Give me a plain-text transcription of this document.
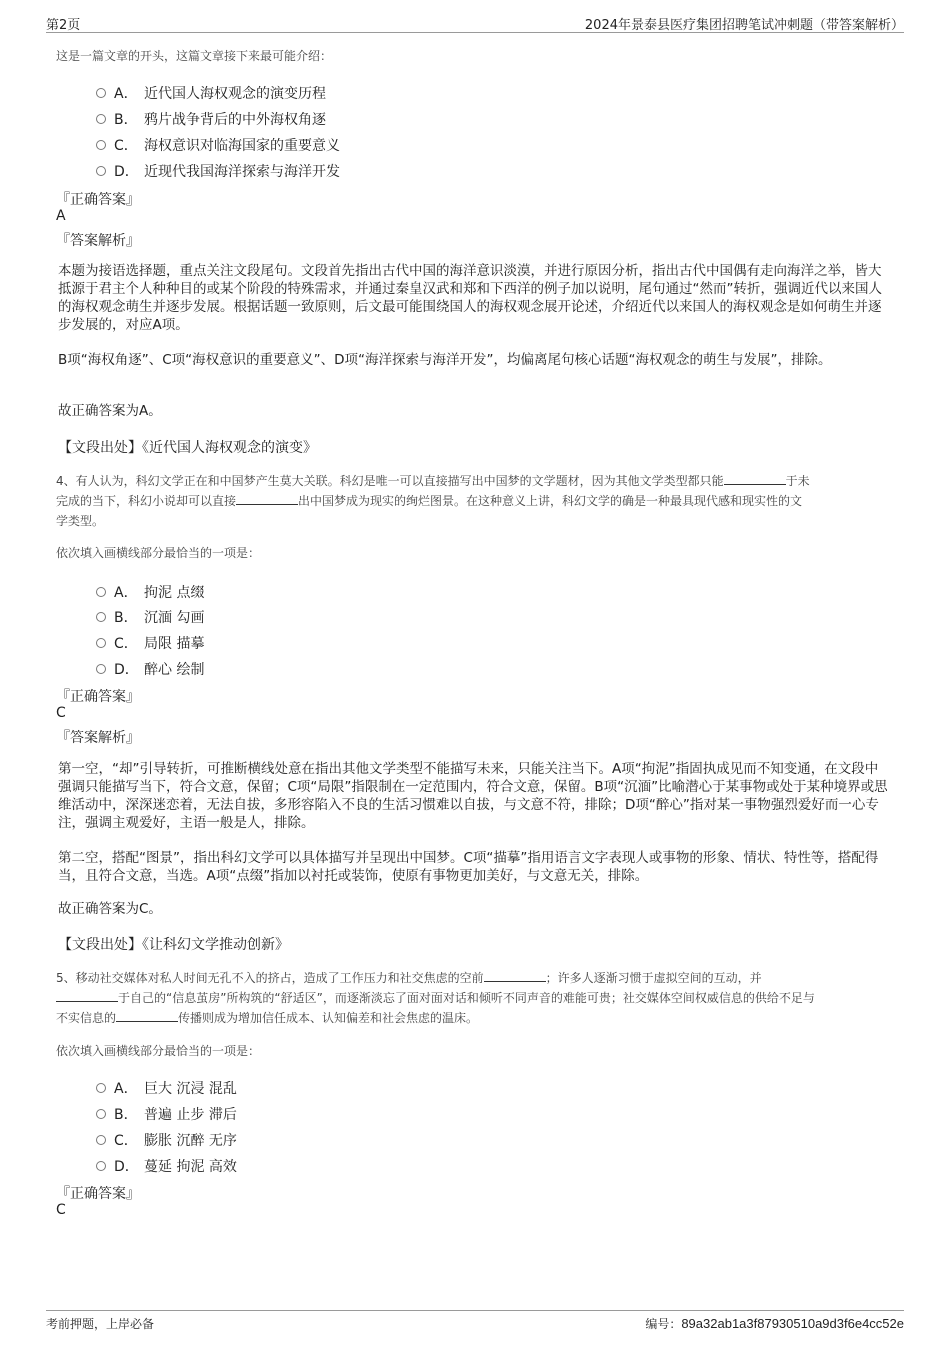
第2页	2024年景泰县医疗集团招聘笔试冲刺题（带答案解析）
这是一篇文章的开头，这篇文章接下来最可能介绍：
A． 近代国人海权观念的演变历程
B． 鸦片战争背后的中外海权角逐
C． 海权意识对临海国家的重要意义
D． 近现代我国海洋探索与海洋开发
『正确答案』
A
『答案解析』
本题为接语选择题，重点关注文段尾句。文段首先指出古代中国的海洋意识淡漠，并进行原因分析，指出古代中国偶有走向海洋之举，皆大抵源于君主个人种种目的或某个阶段的特殊需求，并通过秦皇汉武和郑和下西洋的例子加以说明，尾句通过“然而”转折，强调近代以来国人的海权观念萌生并逐步发展。根据话题一致原则，后文最可能围绕国人的海权观念展开论述，介绍近代以来国人的海权观念是如何萌生并逐步发展的，对应A项。
B项“海权角逐”、C项“海权意识的重要意义”、D项“海洋探索与海洋开发”，均偏离尾句核心话题“海权观念的萌生与发展”，排除。
故正确答案为A。
【文段出处】《近代国人海权观念的演变》
4、有人认为，科幻文学正在和中国梦产生莫大关联。科幻是唯一可以直接描写出中国梦的文学题材，因为其他文学类型都只能	于未
完成的当下，科幻小说却可以直接	出中国梦成为现实的绚烂图景。在这种意义上讲，科幻文学的确是一种最具现代感和现实性的文
学类型。
依次填入画横线部分最恰当的一项是：
A． 拘泥 点缀
B． 沉湎 勾画
C． 局限 描摹
D． 醉心 绘制
『正确答案』
C
『答案解析』
第一空，“却”引导转折，可推断横线处意在指出其他文学类型不能描写未来，只能关注当下。A项“拘泥”指固执成见而不知变通，在文段中强调只能描写当下，符合文意，保留；C项“局限”指限制在一定范围内，符合文意，保留。B项“沉湎”比喻潜心于某事物或处于某种境界或思维活动中，深深迷恋着，无法自拔，多形容陷入不良的生活习惯难以自拔，与文意不符，排除；D项“醉心”指对某一事物强烈爱好而一心专注，强调主观爱好，主语一般是人，排除。
第二空，搭配“图景”，指出科幻文学可以具体描写并呈现出中国梦。C项“描摹”指用语言文字表现人或事物的形象、情状、特性等，搭配得当，且符合文意，当选。A项“点缀”指加以衬托或装饰，使原有事物更加美好，与文意无关，排除。
故正确答案为C。
【文段出处】《让科幻文学推动创新》
5、移动社交媒体对私人时间无孔不入的挤占，造成了工作压力和社交焦虑的空前	；许多人逐渐习惯于虚拟空间的互动，并
于自己的“信息茧房”所构筑的“舒适区”，而逐渐淡忘了面对面对话和倾听不同声音的难能可贵；社交媒体空间权威信息的供给不足与
不实信息的	传播则成为增加信任成本、认知偏差和社会焦虑的温床。
依次填入画横线部分最恰当的一项是：
A． 巨大 沉浸 混乱
B． 普遍 止步 滞后
C． 膨胀 沉醉 无序
D． 蔓延 拘泥 高效
『正确答案』
C
考前押题，上岸必备	编号：89a32ab1a3f87930510a9d3f6e4cc52e
